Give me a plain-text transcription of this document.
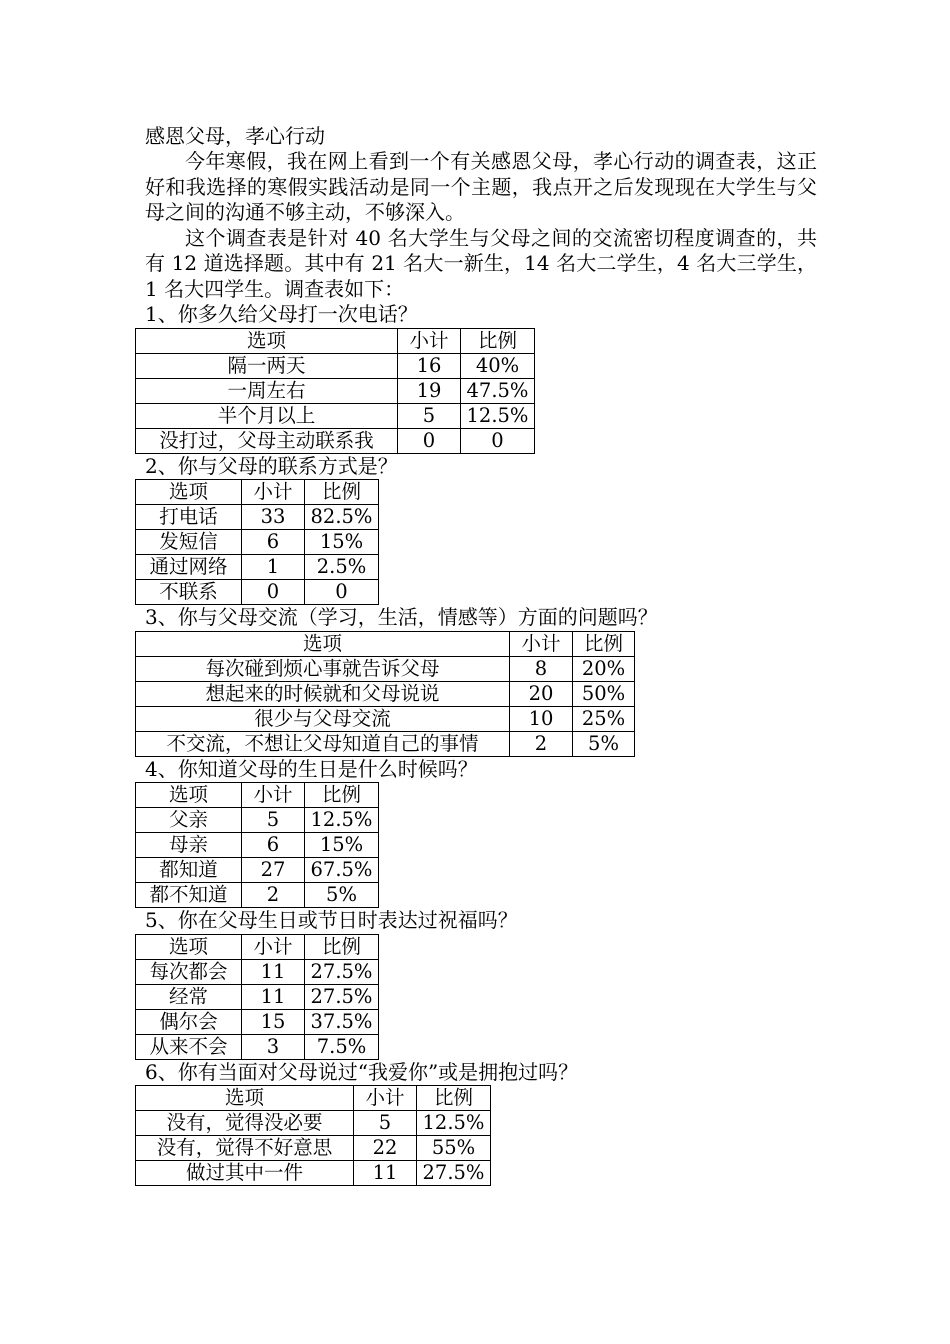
感恩父母，孝心行动

今年寒假，我在网上看到一个有关感恩父母，孝心行动的调查表，这正好和我选择的寒假实践活动是同一个主题，我点开之后发现现在大学生与父母之间的沟通不够主动，不够深入。

这个调查表是针对 40 名大学生与父母之间的交流密切程度调查的，共有 12 道选择题。其中有 21 名大一新生，14 名大二学生，4 名大三学生，1 名大四学生。调查表如下：

1、你多久给父母打一次电话？
选项	小计	比例
隔一两天	16	40%
一周左右	19	47.5%
半个月以上	5	12.5%
没打过，父母主动联系我	0	0
2、你与父母的联系方式是？
选项	小计	比例
打电话	33	82.5%
发短信	6	15%
通过网络	1	2.5%
不联系	0	0
3、你与父母交流（学习，生活，情感等）方面的问题吗？
选项	小计	比例
每次碰到烦心事就告诉父母	8	20%
想起来的时候就和父母说说	20	50%
很少与父母交流	10	25%
不交流，不想让父母知道自己的事情	2	5%
4、你知道父母的生日是什么时候吗？
选项	小计	比例
父亲	5	12.5%
母亲	6	15%
都知道	27	67.5%
都不知道	2	5%
5、你在父母生日或节日时表达过祝福吗？
选项	小计	比例
每次都会	11	27.5%
经常	11	27.5%
偶尔会	15	37.5%
从来不会	3	7.5%
6、你有当面对父母说过“我爱你”或是拥抱过吗？
选项	小计	比例
没有，觉得没必要	5	12.5%
没有，觉得不好意思	22	55%
做过其中一件	11	27.5%
